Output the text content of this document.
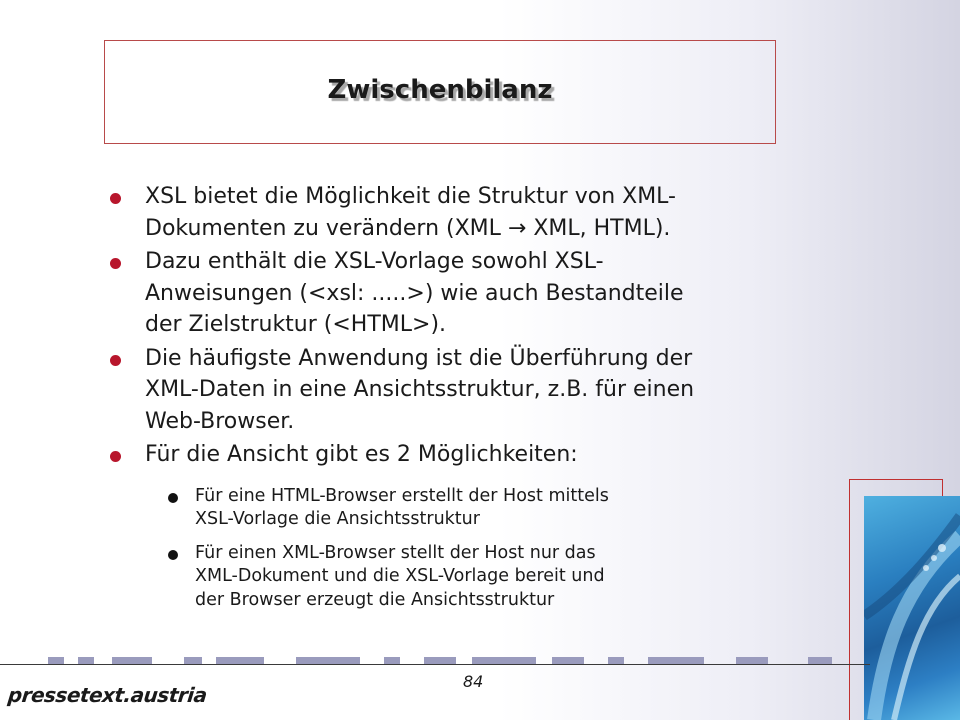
Zwischenbilanz
XSL bietet die Möglichkeit die Struktur von XML-
Dokumenten zu verändern (XML → XML, HTML).
Dazu enthält die XSL-Vorlage sowohl XSL-
Anweisungen (<xsl: .....>) wie auch Bestandteile
der Zielstruktur (<HTML>).
Die häufigste Anwendung ist die Überführung der
XML-Daten in eine Ansichtsstruktur, z.B. für einen
Web-Browser.
Für die Ansicht gibt es 2 Möglichkeiten:
Für eine HTML-Browser erstellt der Host mittels
XSL-Vorlage die Ansichtsstruktur
Für einen XML-Browser stellt der Host nur das
XML-Dokument und die XSL-Vorlage bereit und
der Browser erzeugt die Ansichtsstruktur
pressetext.austria
84
